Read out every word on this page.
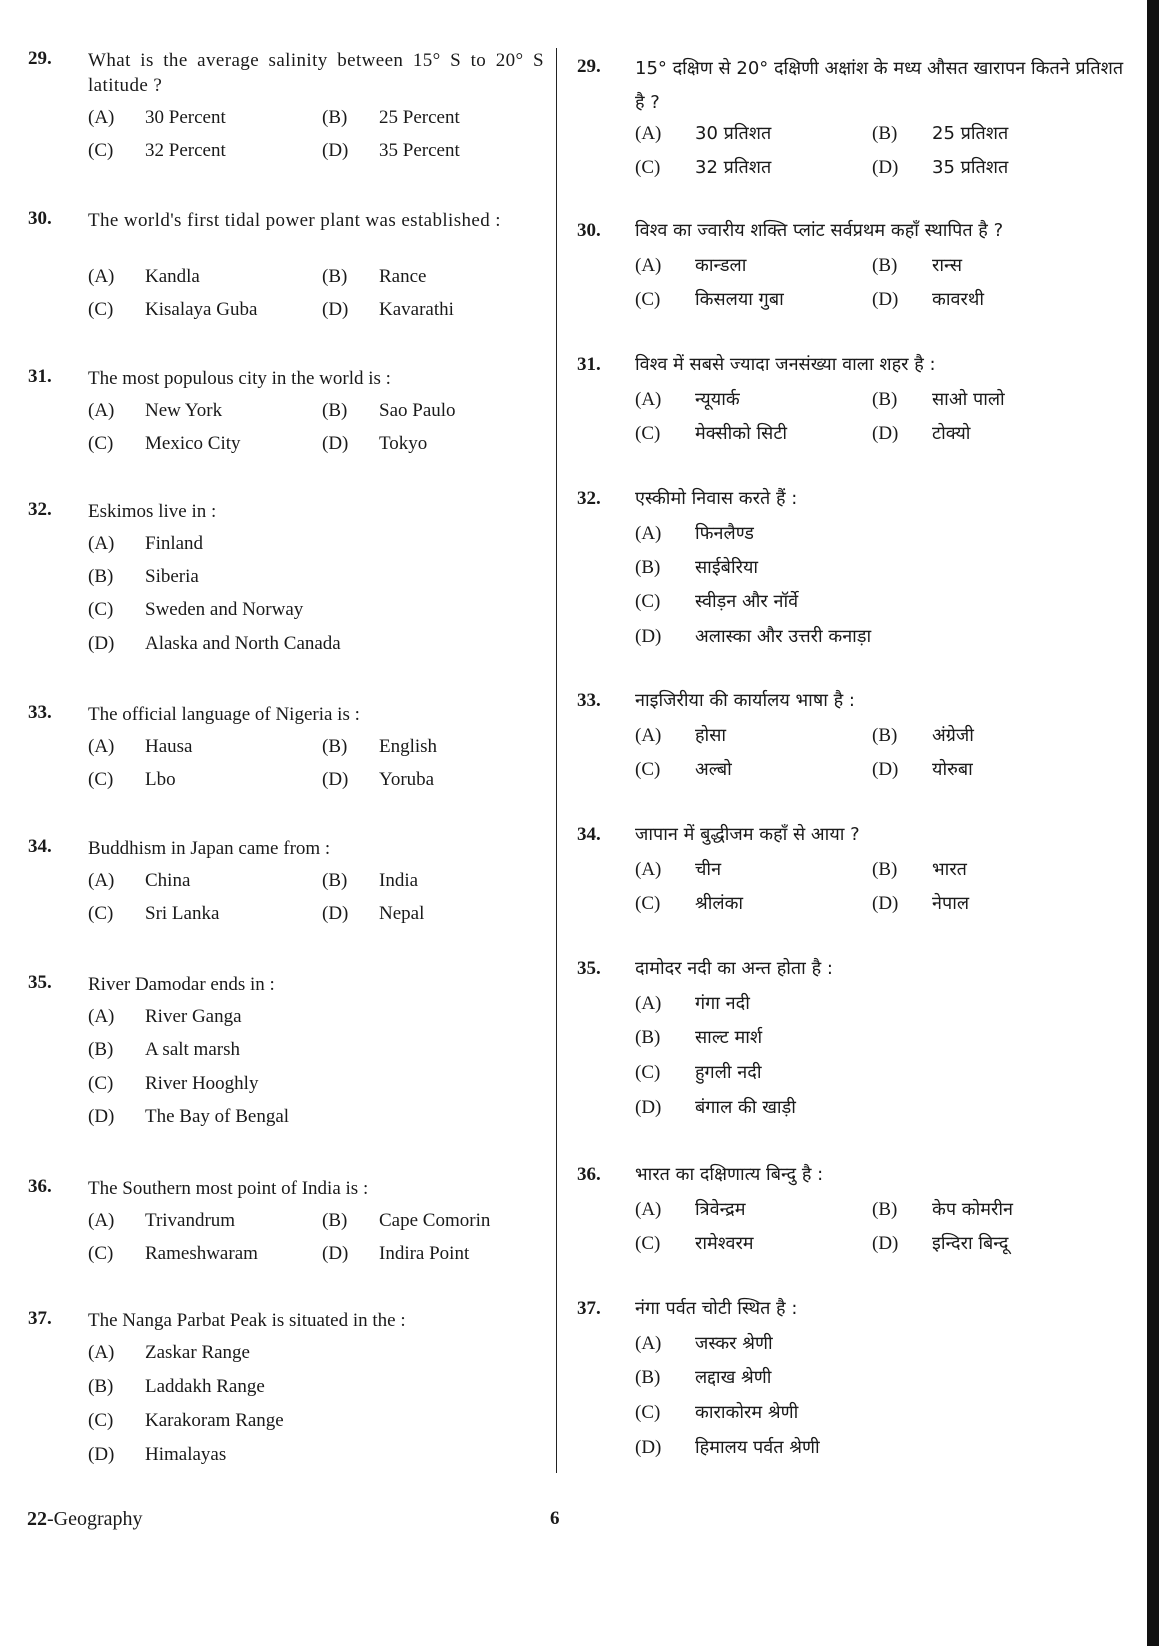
29. What is the average salinity between 15° S to 20° S latitude ?
(A) 30 Percent	(B) 25 Percent
(C) 32 Percent	(D) 35 Percent
30. The world's first tidal power plant was established :
(A) Kandla	(B) Rance
(C) Kisalaya Guba	(D) Kavarathi
31. The most populous city in the world is :
(A) New York	(B) Sao Paulo
(C) Mexico City	(D) Tokyo
32. Eskimos live in :
(A) Finland
(B) Siberia
(C) Sweden and Norway
(D) Alaska and North Canada
33. The official language of Nigeria is :
(A) Hausa	(B) English
(C) Lbo	(D) Yoruba
34. Buddhism in Japan came from :
(A) China	(B) India
(C) Sri Lanka	(D) Nepal
35. River Damodar ends in :
(A) River Ganga
(B) A salt marsh
(C) River Hooghly
(D) The Bay of Bengal
36. The Southern most point of India is :
(A) Trivandrum	(B) Cape Comorin
(C) Rameshwaram	(D) Indira Point
37. The Nanga Parbat Peak is situated in the :
(A) Zaskar Range
(B) Laddakh Range
(C) Karakoram Range
(D) Himalayas
29. 15° दक्षिण से 20° दक्षिणी अक्षांश के मध्य औसत खारापन कितने प्रतिशत है ?
(A) 30 प्रतिशत	(B) 25 प्रतिशत
(C) 32 प्रतिशत	(D) 35 प्रतिशत
30. विश्व का ज्वारीय शक्ति प्लांट सर्वप्रथम कहाँ स्थापित है ?
(A) कान्डला	(B) रान्स
(C) किसलया गुबा	(D) कावरथी
31. विश्व में सबसे ज्यादा जनसंख्या वाला शहर है :
(A) न्यूयार्क	(B) साओ पालो
(C) मेक्सीको सिटी	(D) टोक्यो
32. एस्कीमो निवास करते हैं :
(A) फिनलैण्ड
(B) साईबेरिया
(C) स्वीड़न और नॉर्वे
(D) अलास्का और उत्तरी कनाड़ा
33. नाइजिरीया की कार्यालय भाषा है :
(A) होसा	(B) अंग्रेजी
(C) अल्बो	(D) योरुबा
34. जापान में बुद्धीजम कहाँ से आया ?
(A) चीन	(B) भारत
(C) श्रीलंका	(D) नेपाल
35. दामोदर नदी का अन्त होता है :
(A) गंगा नदी
(B) साल्ट मार्श
(C) हुगली नदी
(D) बंगाल की खाड़ी
36. भारत का दक्षिणात्य बिन्दु है :
(A) त्रिवेन्द्रम	(B) केप कोमरीन
(C) रामेश्वरम	(D) इन्दिरा बिन्दू
37. नंगा पर्वत चोटी स्थित है :
(A) जस्कर श्रेणी
(B) लद्दाख श्रेणी
(C) काराकोरम श्रेणी
(D) हिमालय पर्वत श्रेणी
22-Geography	6
